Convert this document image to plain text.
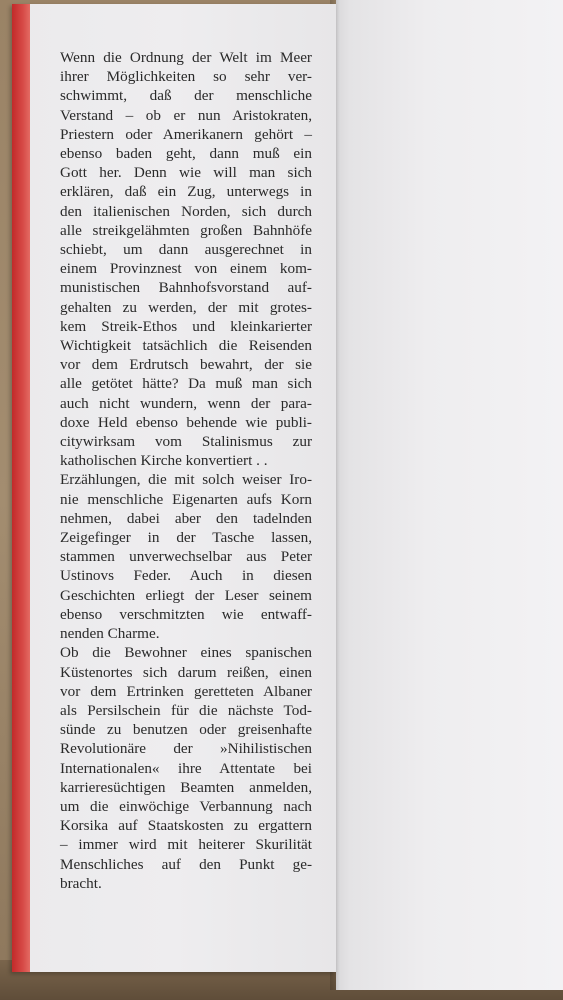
Wenn die Ordnung der Welt im Meer
ihrer Möglichkeiten so sehr ver-
schwimmt, daß der menschliche
Verstand – ob er nun Aristokraten,
Priestern oder Amerikanern gehört –
ebenso baden geht, dann muß ein
Gott her. Denn wie will man sich
erklären, daß ein Zug, unterwegs in
den italienischen Norden, sich durch
alle streikgelähmten großen Bahnhöfe
schiebt, um dann ausgerechnet in
einem Provinznest von einem kom-
munistischen Bahnhofsvorstand auf-
gehalten zu werden, der mit grotes-
kem Streik-Ethos und kleinkarierter
Wichtigkeit tatsächlich die Reisenden
vor dem Erdrutsch bewahrt, der sie
alle getötet hätte? Da muß man sich
auch nicht wundern, wenn der para-
doxe Held ebenso behende wie publi-
citywirksam vom Stalinismus zur
katholischen Kirche konvertiert . .

Erzählungen, die mit solch weiser Iro-
nie menschliche Eigenarten aufs Korn
nehmen, dabei aber den tadelnden
Zeigefinger in der Tasche lassen,
stammen unverwechselbar aus Peter
Ustinovs Feder. Auch in diesen
Geschichten erliegt der Leser seinem
ebenso verschmitzten wie entwaff-
nenden Charme.

Ob die Bewohner eines spanischen
Küstenortes sich darum reißen, einen
vor dem Ertrinken geretteten Albaner
als Persilschein für die nächste Tod-
sünde zu benutzen oder greisenhafte
Revolutionäre der »Nihilistischen
Internationalen« ihre Attentate bei
karrieresüchtigen Beamten anmelden,
um die einwöchige Verbannung nach
Korsika auf Staatskosten zu ergattern
– immer wird mit heiterer Skurilität
Menschliches auf den Punkt ge-
bracht.
